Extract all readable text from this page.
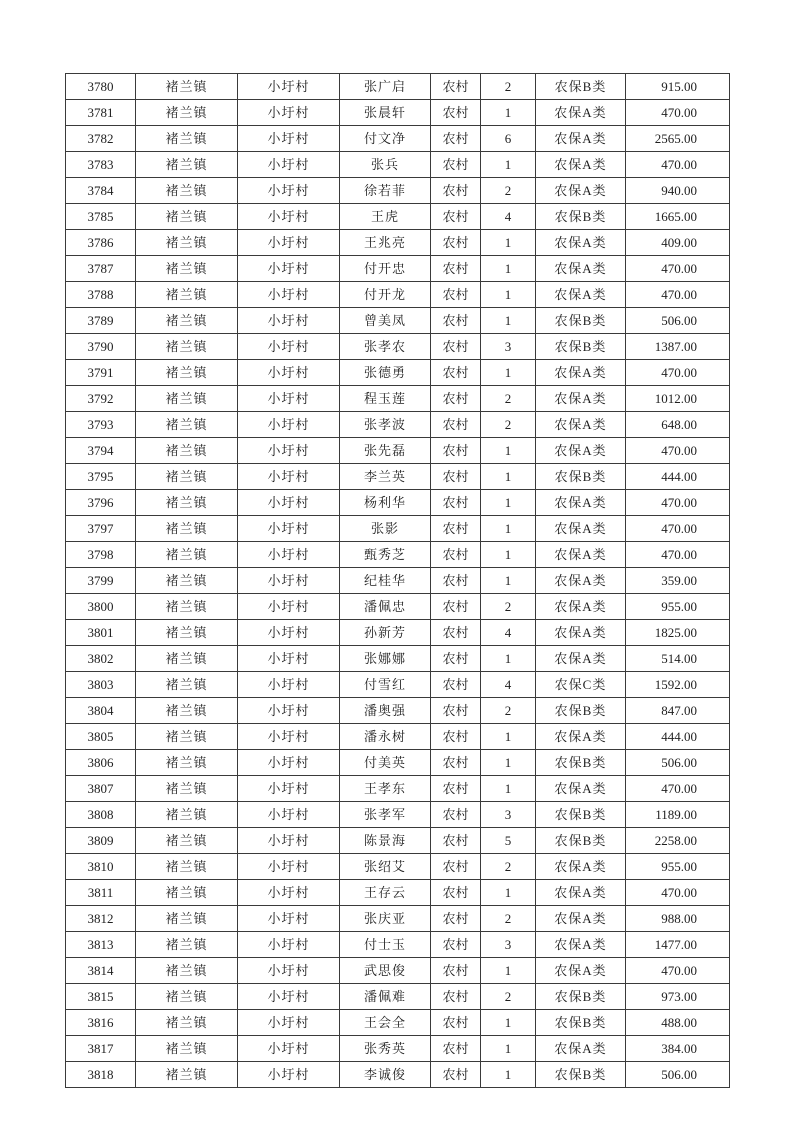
3780	褚兰镇	小圩村	张广启	农村	2	农保B类	915.00
3781	褚兰镇	小圩村	张晨轩	农村	1	农保A类	470.00
3782	褚兰镇	小圩村	付文净	农村	6	农保A类	2565.00
3783	褚兰镇	小圩村	张兵	农村	1	农保A类	470.00
3784	褚兰镇	小圩村	徐若菲	农村	2	农保A类	940.00
3785	褚兰镇	小圩村	王虎	农村	4	农保B类	1665.00
3786	褚兰镇	小圩村	王兆亮	农村	1	农保A类	409.00
3787	褚兰镇	小圩村	付开忠	农村	1	农保A类	470.00
3788	褚兰镇	小圩村	付开龙	农村	1	农保A类	470.00
3789	褚兰镇	小圩村	曾美凤	农村	1	农保B类	506.00
3790	褚兰镇	小圩村	张孝农	农村	3	农保B类	1387.00
3791	褚兰镇	小圩村	张德勇	农村	1	农保A类	470.00
3792	褚兰镇	小圩村	程玉莲	农村	2	农保A类	1012.00
3793	褚兰镇	小圩村	张孝波	农村	2	农保A类	648.00
3794	褚兰镇	小圩村	张先磊	农村	1	农保A类	470.00
3795	褚兰镇	小圩村	李兰英	农村	1	农保B类	444.00
3796	褚兰镇	小圩村	杨利华	农村	1	农保A类	470.00
3797	褚兰镇	小圩村	张影	农村	1	农保A类	470.00
3798	褚兰镇	小圩村	甄秀芝	农村	1	农保A类	470.00
3799	褚兰镇	小圩村	纪桂华	农村	1	农保A类	359.00
3800	褚兰镇	小圩村	潘佩忠	农村	2	农保A类	955.00
3801	褚兰镇	小圩村	孙新芳	农村	4	农保A类	1825.00
3802	褚兰镇	小圩村	张娜娜	农村	1	农保A类	514.00
3803	褚兰镇	小圩村	付雪红	农村	4	农保C类	1592.00
3804	褚兰镇	小圩村	潘奥强	农村	2	农保B类	847.00
3805	褚兰镇	小圩村	潘永树	农村	1	农保A类	444.00
3806	褚兰镇	小圩村	付美英	农村	1	农保B类	506.00
3807	褚兰镇	小圩村	王孝东	农村	1	农保A类	470.00
3808	褚兰镇	小圩村	张孝军	农村	3	农保B类	1189.00
3809	褚兰镇	小圩村	陈景海	农村	5	农保B类	2258.00
3810	褚兰镇	小圩村	张绍艾	农村	2	农保A类	955.00
3811	褚兰镇	小圩村	王存云	农村	1	农保A类	470.00
3812	褚兰镇	小圩村	张庆亚	农村	2	农保A类	988.00
3813	褚兰镇	小圩村	付士玉	农村	3	农保A类	1477.00
3814	褚兰镇	小圩村	武思俊	农村	1	农保A类	470.00
3815	褚兰镇	小圩村	潘佩难	农村	2	农保B类	973.00
3816	褚兰镇	小圩村	王会全	农村	1	农保B类	488.00
3817	褚兰镇	小圩村	张秀英	农村	1	农保A类	384.00
3818	褚兰镇	小圩村	李诚俊	农村	1	农保B类	506.00
